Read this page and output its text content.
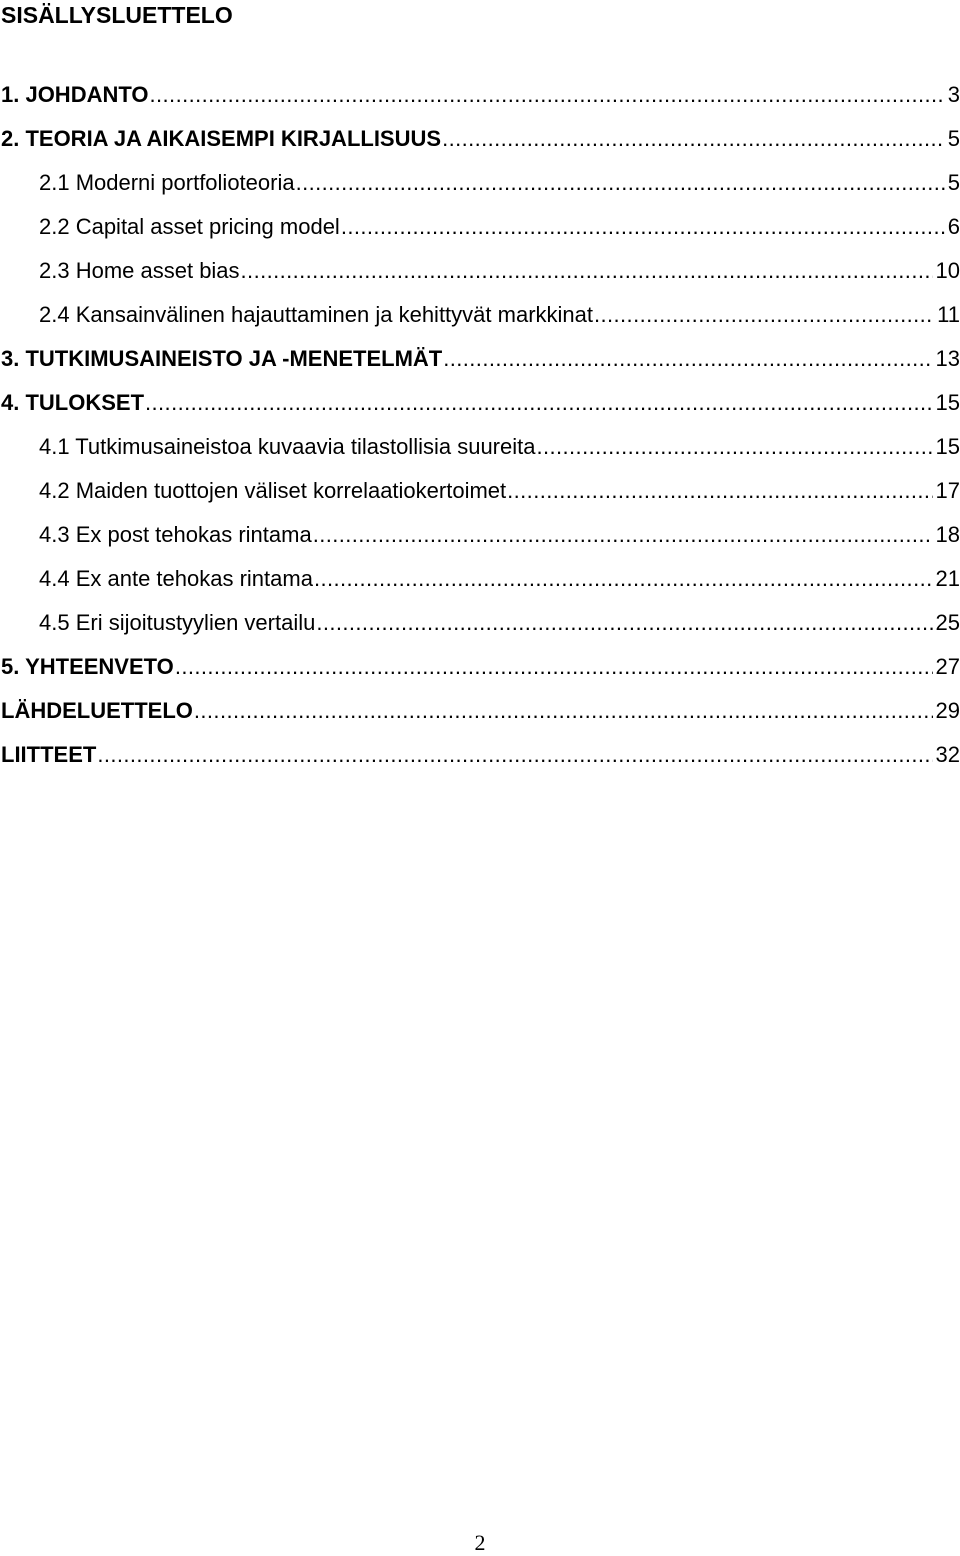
SISÄLLYSLUETTELO
1. JOHDANTO .....	3
2. TEORIA JA AIKAISEMPI KIRJALLISUUS .....	5
2.1 Moderni portfolioteoria .....	5
2.2 Capital asset pricing model .....	6
2.3 Home asset bias .....	10
2.4 Kansainvälinen hajauttaminen ja kehittyvät markkinat .....	11
3. TUTKIMUSAINEISTO JA -MENETELMÄT .....	13
4. TULOKSET .....	15
4.1 Tutkimusaineistoa kuvaavia tilastollisia suureita .....	15
4.2 Maiden tuottojen väliset korrelaatiokertoimet .....	17
4.3 Ex post tehokas rintama .....	18
4.4 Ex ante tehokas rintama .....	21
4.5 Eri sijoitustyylien vertailu .....	25
5. YHTEENVETO .....	27
LÄHDELUETTELO .....	29
LIITTEET .....	32
2
